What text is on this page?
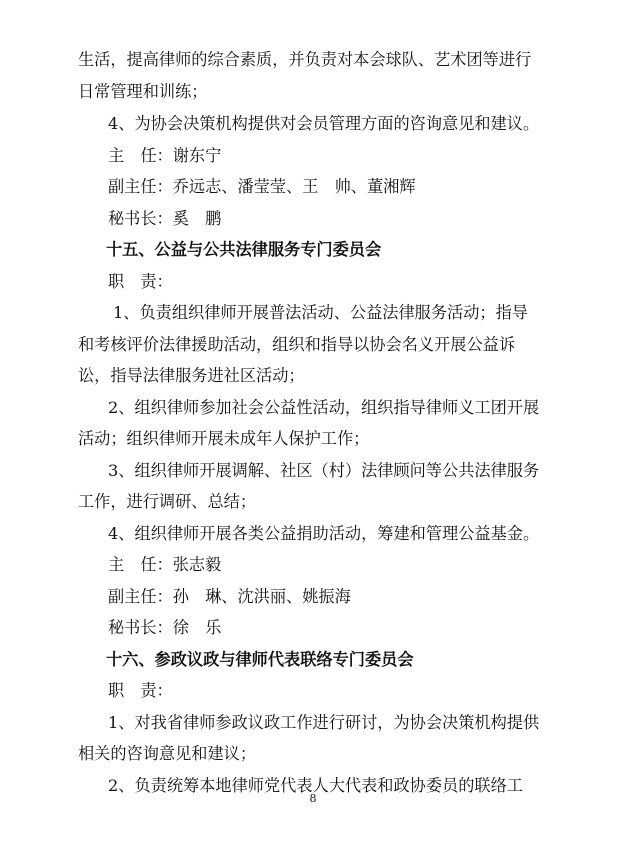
生活，提高律师的综合素质，并负责对本会球队、艺术团等进行
日常管理和训练；
4、为协会决策机构提供对会员管理方面的咨询意见和建议。
主　任：谢东宁
副主任：乔远志、潘莹莹、王　帅、董湘辉
秘书长：奚　鹏
十五、公益与公共法律服务专门委员会
职　责：
1、负责组织律师开展普法活动、公益法律服务活动；指导
和考核评价法律援助活动，组织和指导以协会名义开展公益诉
讼，指导法律服务进社区活动；
2、组织律师参加社会公益性活动，组织指导律师义工团开展
活动；组织律师开展未成年人保护工作；
3、组织律师开展调解、社区（村）法律顾问等公共法律服务
工作，进行调研、总结；
4、组织律师开展各类公益捐助活动，筹建和管理公益基金。
主　任：张志毅
副主任：孙　琳、沈洪丽、姚振海
秘书长：徐　乐
十六、参政议政与律师代表联络专门委员会
职　责：
1、对我省律师参政议政工作进行研讨，为协会决策机构提供
相关的咨询意见和建议；
2、负责统筹本地律师党代表人大代表和政协委员的联络工
8
